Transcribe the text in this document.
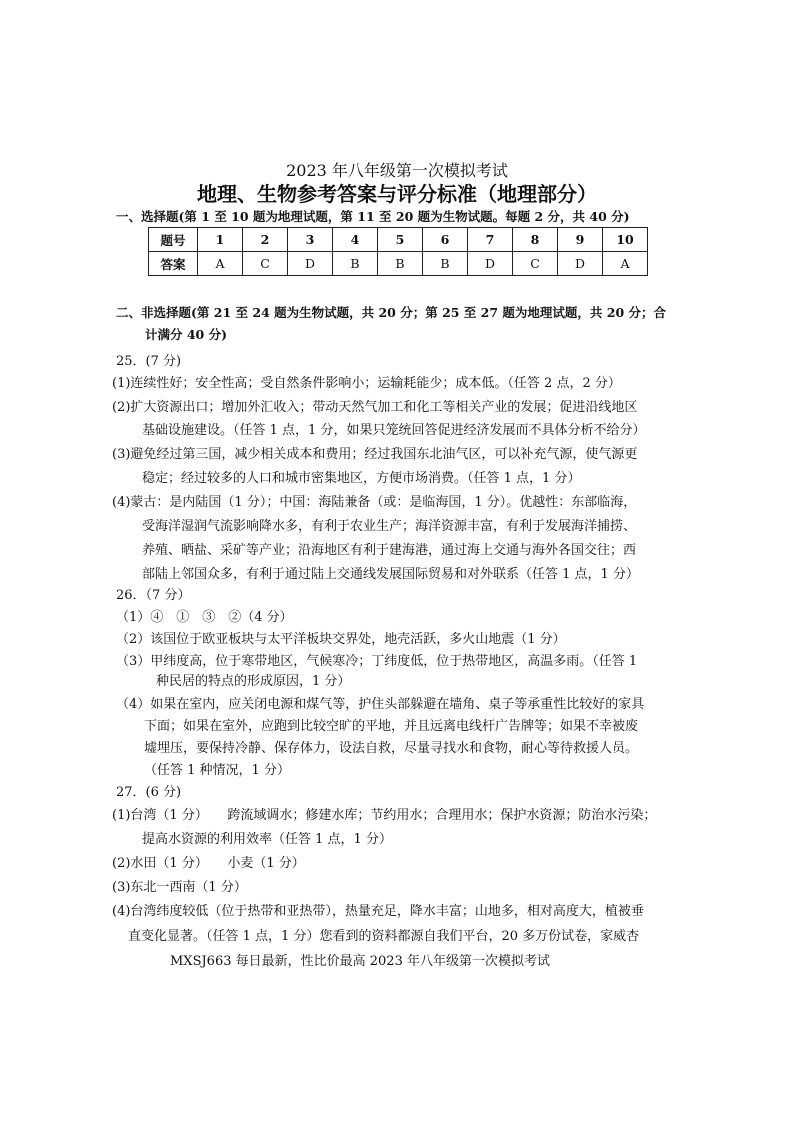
2023 年八年级第一次模拟考试
地理、生物参考答案与评分标准（地理部分）
一、选择题(第 1 至 10 题为地理试题，第 11 至 20 题为生物试题。每题 2 分，共 40 分)
题号	1	2	3	4	5	6	7	8	9	10
答案	A	C	D	B	B	B	D	C	D	A
二、非选择题(第 21 至 24 题为生物试题，共 20 分；第 25 至 27 题为地理试题，共 20 分；合
计满分 40 分)
25．(7 分)
(1)连续性好；安全性高；受自然条件影响小；运输耗能少；成本低。（任答 2 点，2 分）
(2)扩大资源出口；增加外汇收入；带动天然气加工和化工等相关产业的发展；促进沿线地区
基础设施建设。（任答 1 点，1 分，如果只笼统回答促进经济发展而不具体分析不给分）
(3)避免经过第三国，减少相关成本和费用；经过我国东北油气区，可以补充气源，使气源更
稳定；经过较多的人口和城市密集地区，方便市场消费。（任答 1 点，1 分）
(4)蒙古：是内陆国（1 分）；中国：海陆兼备（或：是临海国，1 分）。优越性：东部临海，
受海洋湿润气流影响降水多，有利于农业生产；海洋资源丰富，有利于发展海洋捕捞、
养殖、晒盐、采矿等产业；沿海地区有利于建海港，通过海上交通与海外各国交往；西
部陆上邻国众多，有利于通过陆上交通线发展国际贸易和对外联系（任答 1 点，1 分）
26．（7 分）
（1）④　①　③　②（4 分）
（2）该国位于欧亚板块与太平洋板块交界处，地壳活跃，多火山地震（1 分）
（3）甲纬度高，位于寒带地区，气候寒冷；丁纬度低，位于热带地区，高温多雨。（任答 1
种民居的特点的形成原因，1 分）
（4）如果在室内，应关闭电源和煤气等，护住头部躲避在墙角、桌子等承重性比较好的家具
下面；如果在室外，应跑到比较空旷的平地，并且远离电线杆广告牌等；如果不幸被废
墟埋压，要保持冷静、保存体力，设法自救，尽量寻找水和食物，耐心等待救援人员。
（任答 1 种情况，1 分）
27．(6 分)
(1)台湾（1 分）　　跨流域调水；修建水库；节约用水；合理用水；保护水资源；防治水污染；
提高水资源的利用效率（任答 1 点，1 分）
(2)水田（1 分）　　小麦（1 分）
(3)东北一西南（1 分）
(4)台湾纬度较低（位于热带和亚热带），热量充足，降水丰富；山地多，相对高度大，植被垂
直变化显著。（任答 1 点，1 分）您看到的资料都源自我们平台，20 多万份试卷，家威杏
MXSJ663 每日最新，性比价最高 2023 年八年级第一次模拟考试
